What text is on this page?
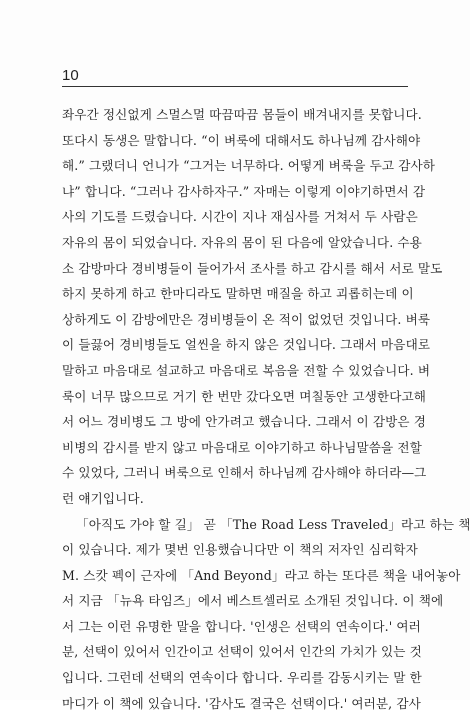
10
좌우간 정신없게 스멀스멀 따끔따끔 몸들이 배겨내지를 못합니다.
또다시 동생은 말합니다. “이 벼룩에 대해서도 하나님께 감사해야
해.” 그랬더니 언니가 “그거는 너무하다. 어떻게 벼룩을 두고 감사하
냐” 합니다. “그러나 감사하자구.” 자매는 이렇게 이야기하면서 감
사의 기도를 드렸습니다. 시간이 지나 재심사를 거쳐서 두 사람은
자유의 몸이 되었습니다. 자유의 몸이 된 다음에 알았습니다. 수용
소 감방마다 경비병들이 들어가서 조사를 하고 감시를 해서 서로 말도
하지 못하게 하고 한마디라도 말하면 매질을 하고 괴롭히는데 이
상하게도 이 감방에만은 경비병들이 온 적이 없었던 것입니다. 벼룩
이 들끓어 경비병들도 얼씬을 하지 않은 것입니다. 그래서 마음대로
말하고 마음대로 설교하고 마음대로 복음을 전할 수 있었습니다. 벼
룩이 너무 많으므로 거기 한 번만 갔다오면 며칠동안 고생한다고해
서 어느 경비병도 그 방에 안가려고 했습니다. 그래서 이 감방은 경
비병의 감시를 받지 않고 마음대로 이야기하고 하나님말씀을 전할
수 있었다, 그러니 벼룩으로 인해서 하나님께 감사해야 하더라—그
런 얘기입니다.
「아직도 가야 할 길」 곧 「The Road Less Traveled」라고 하는 책
이 있습니다. 제가 몇번 인용했습니다만 이 책의 저자인 심리학자
M. 스캇 펙이 근자에 「And Beyond」라고 하는 또다른 책을 내어놓아
서 지금 「뉴욕 타임즈」에서 베스트셀러로 소개된 것입니다. 이 책에
서 그는 이런 유명한 말을 합니다. '인생은 선택의 연속이다.' 여러
분, 선택이 있어서 인간이고 선택이 있어서 인간의 가치가 있는 것
입니다. 그런데 선택의 연속이다 합니다. 우리를 감동시키는 말 한
마디가 이 책에 있습니다. '감사도 결국은 선택이다.' 여러분, 감사
